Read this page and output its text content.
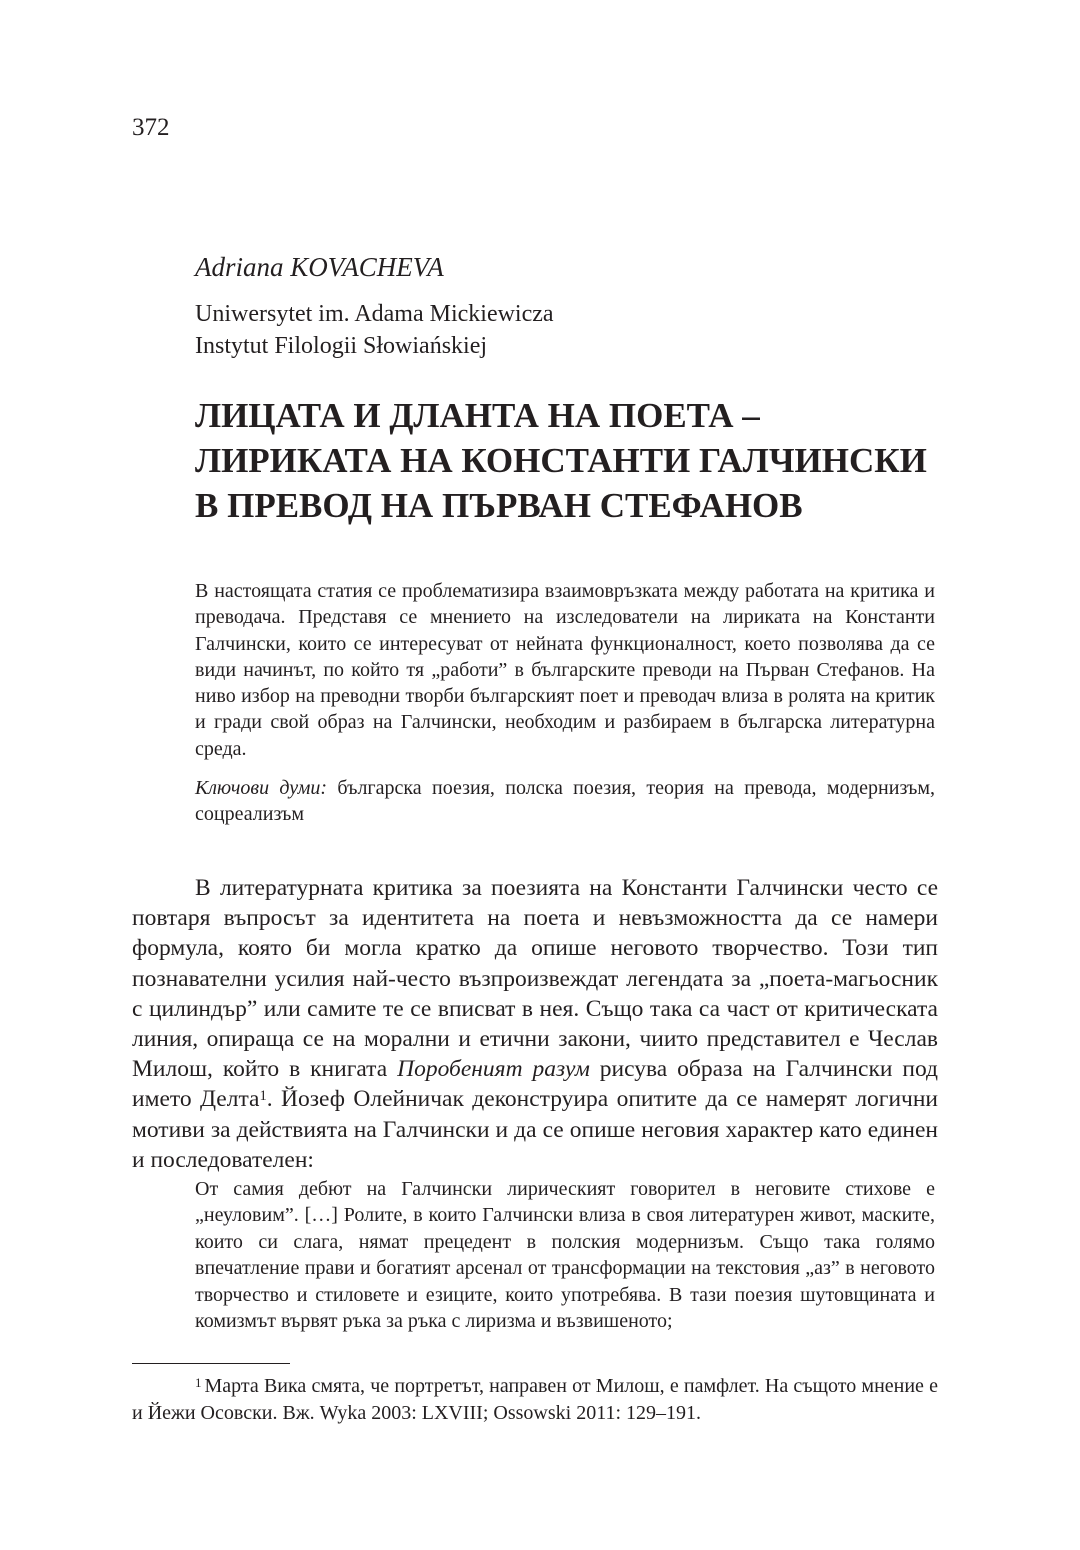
372
Adriana KOVACHEVA
Uniwersytet im. Adama Mickiewicza
Instytut Filologii Słowiańskiej
ЛИЦАТА И ДЛАНТА НА ПОЕТА –
ЛИРИКАТА НА КОНСТАНТИ ГАЛЧИНСКИ
В ПРЕВОД НА ПЪРВАН СТЕФАНОВ

В настоящата статия се проблематизира взаимовръзката между работата на критика и преводача. Представя се мнението на изследователи на лириката на Константи Галчински, които се интересуват от нейната функционалност, което позволява да се види начинът, по който тя „работи” в българските преводи на Първан Стефанов. На ниво избор на преводни творби българският поет и преводач влиза в ролята на критик и гради свой образ на Галчински, необходим и разбираем в българска литературна среда.

Ключови думи: българска поезия, полска поезия, теория на превода, модернизъм, соцреализъм

В литературната критика за поезията на Константи Галчински често се повтаря въпросът за идентитета на поета и невъзможността да се намери формула, която би могла кратко да опише неговото творчество. Този тип познавателни усилия най-често възпроизвеждат легендата за „поета-магьосник с цилиндър” или самите те се вписват в нея. Също така са част от критическата линия, опираща се на морални и етични закони, чиито представител е Чеслав Милош, който в книгата Поробеният разум рисува образа на Галчински под името Делта$^1$. Йозеф Олейничак деконструира опитите да се намерят логични мотиви за действията на Галчински и да се опише неговия характер като единен и последователен:

От самия дебют на Галчински лирическият говорител в неговите стихове е „неуловим”. […] Ролите, в които Галчински влиза в своя литературен живот, маските, които си слага, нямат прецедент в полския модернизъм. Също така голямо впечатление прави и богатият арсенал от трансформации на текстовия „аз” в неговото творчество и стиловете и езиците, които употребява. В тази поезия шутовщината и комизмът вървят ръка за ръка с лиризма и възвишеното;

$^1$ Марта Вика смята, че портретът, направен от Милош, е памфлет. На същото мнение е и Йежи Осовски. Вж. Wyka 2003: LXVIII; Ossowski 2011: 129–191.
